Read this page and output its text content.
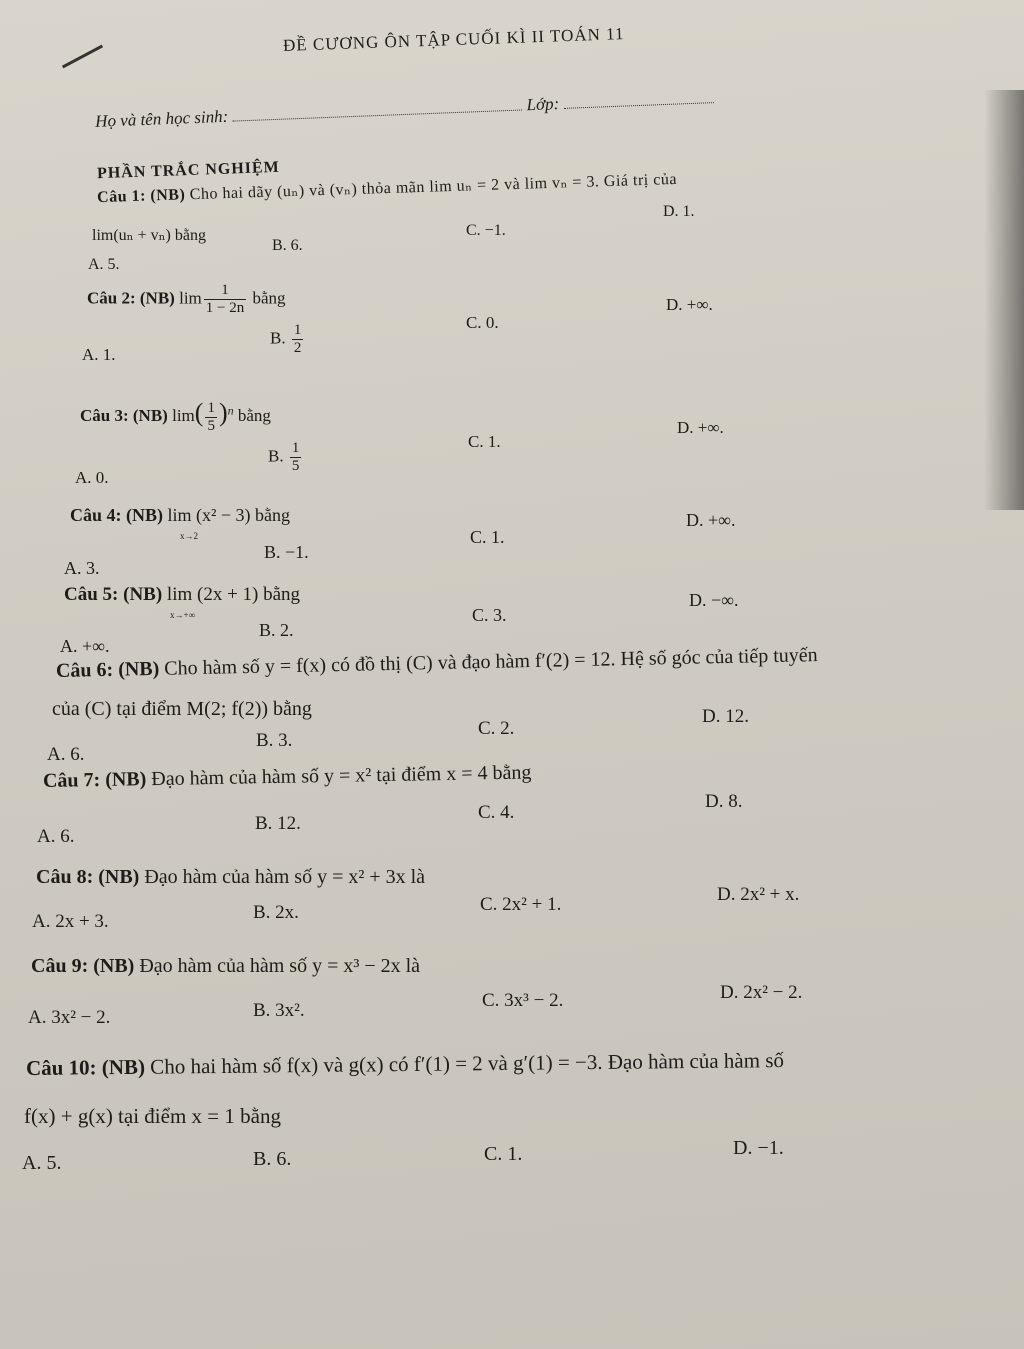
ĐỀ CƯƠNG ÔN TẬP CUỐI KÌ II TOÁN 11
Họ và tên học sinh:  Lớp:
PHẦN TRẮC NGHIỆM
Câu 1: (NB) Cho hai dãy (uₙ) và (vₙ) thỏa mãn lim uₙ = 2 và lim vₙ = 3. Giá trị của
lim(uₙ + vₙ) bằng
A. 5.
B. 6.
C. −1.
D. 1.
Câu 2: (NB) $\lim \frac{1}{1 - 2n}$ bằng
A. 1.
B. $\frac{1}{2}$	C. 0.
D. +∞.
Câu 3: (NB) $\lim( \frac{1}{5} )^n$ bằng
A. 0.
B. $\frac{1}{5}$	C. 1.
D. +∞.
Câu 4: (NB) lim (x² − 3) bằng
x→2
A. 3.
B. −1.
C. 1.
D. +∞.
Câu 5: (NB) lim (2x + 1) bằng
x→+∞
A. +∞.
B. 2.
C. 3.
D. −∞.
Câu 6: (NB) Cho hàm số y = f(x) có đồ thị (C) và đạo hàm f′(2) = 12. Hệ số góc của tiếp tuyến
của (C) tại điểm M(2; f(2)) bằng
A. 6.
B. 3.
C. 2.
D. 12.
Câu 7: (NB) Đạo hàm của hàm số y = x² tại điểm x = 4 bằng
A. 6.
B. 12.
C. 4.
D. 8.
Câu 8: (NB) Đạo hàm của hàm số y = x² + 3x là
A. 2x + 3.	B. 2x.	C. 2x² + 1.	D. 2x² + x.
Câu 9: (NB) Đạo hàm của hàm số y = x³ − 2x là
A. 3x² − 2.	B. 3x².	C. 3x³ − 2.	D. 2x² − 2.
Câu 10: (NB) Cho hai hàm số f(x) và g(x) có f′(1) = 2 và g′(1) = −3. Đạo hàm của hàm số
f(x) + g(x) tại điểm x = 1 bằng
A. 5.	B. 6.	C. 1.	D. −1.
